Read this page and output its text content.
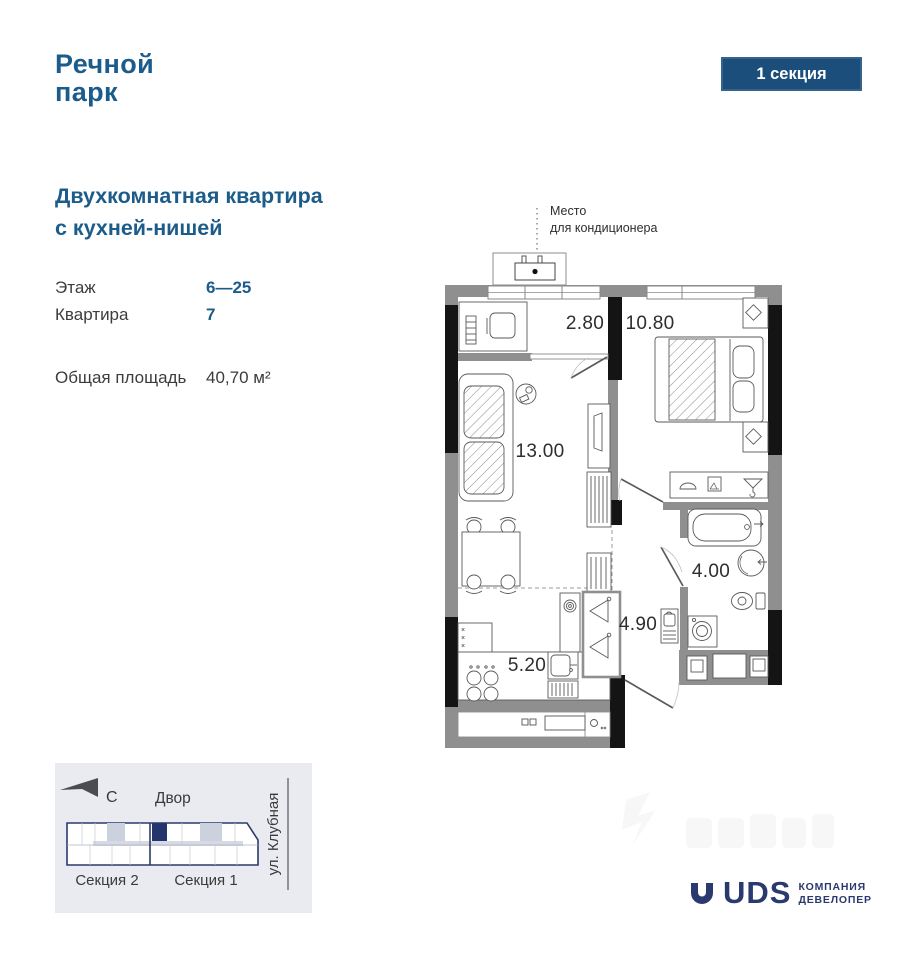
Речной
парк
1 секция
Двухкомнатная квартира
с кухней-нишей
Этаж	6—25
Квартира	7
Общая площадь 40,70 м²
Место
для кондиционера
×
×
×
2.80 10.80
13.00
4.00
4.90
5.20
С Двор
Секция 2 Секция 1
ул. Клубная
UDS КОМПАНИЯ
ДЕВЕЛОПЕР
